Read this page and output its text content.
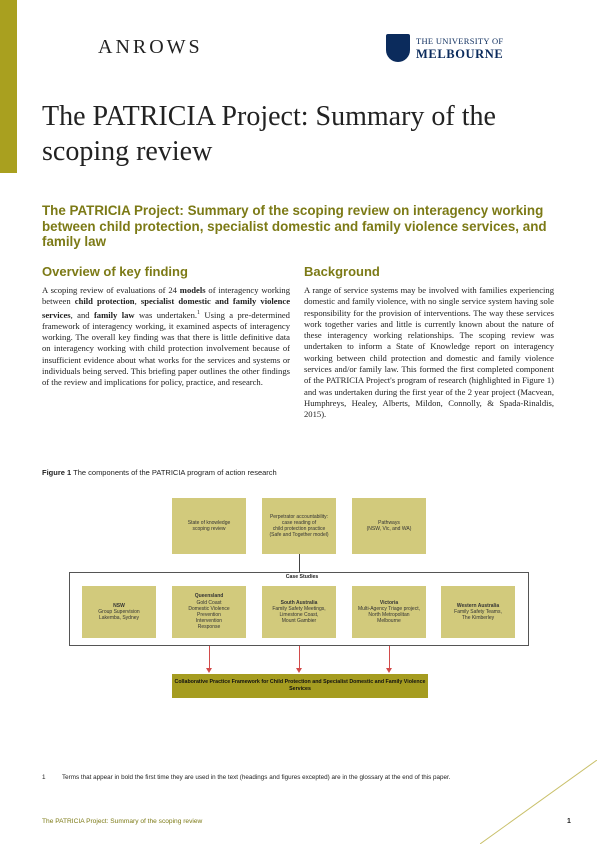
ANROWS	THE UNIVERSITY OF
MELBOURNE
The PATRICIA Project: Summary of the scoping review
The PATRICIA Project: Summary of the scoping review on interagency working between child protection, specialist domestic and family violence services, and family law
Overview of key finding
A scoping review of evaluations of 24 models of interagency working between child protection, specialist domestic and family violence services, and family law was undertaken.$^1$ Using a pre-determined framework of interagency working, it examined aspects of interagency working. The overall key finding was that there is little definitive data on interagency working with child protection involvement because of insufficient evidence about what works for the services and systems or individuals being served. This briefing paper outlines the other findings of the review and implications for policy, practice, and research.
Background
A range of service systems may be involved with families experiencing domestic and family violence, with no single service system having sole responsibility for the provision of interventions. The way these services work together varies and little is currently known about the nature of these interagency working relationships. The scoping review was undertaken to inform a State of Knowledge report on interagency working between child protection and domestic and family violence services and/or family law. This formed the first completed component of the PATRICIA Project's program of research (highlighted in Figure 1) and was undertaken during the first year of the 2 year project (Macvean, Humphreys, Healey, Alberts, Mildon, Connolly, & Spada-Rinaldis, 2015).
Figure 1 The components of the PATRICIA program of action research
State of knowledge
scoping review
Perpetrator accountability:
case reading of
child protection practice
(Safe and Together model)
Pathways
(NSW, Vic, and WA)
Case Studies
NSW
Group Supervision
Lakemba, Sydney
Queensland
Gold Coast
Domestic Violence
Prevention
Intervention
Response
South Australia
Family Safety Meetings,
Limestone Coast,
Mount Gambier
Victoria
Multi-Agency Triage project,
North Metropolitan
Melbourne
Western Australia
Family Safety Teams,
The Kimberley
Collaborative Practice Framework for Child Protection and Specialist Domestic and Family Violence Services
1	Terms that appear in bold the first time they are used in the text (headings and figures excepted) are in the glossary at the end of this paper.
The PATRICIA Project: Summary of the scoping review	1
